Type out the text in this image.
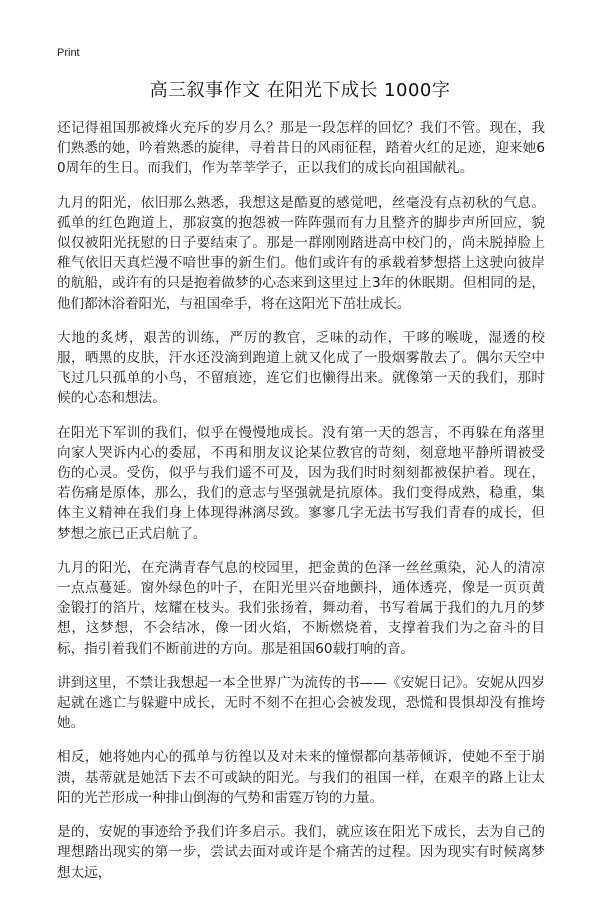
Print
高三叙事作文 在阳光下成长 1000字

还记得祖国那被烽火充斥的岁月么？那是一段怎样的回忆？我们不管。现在，我们熟悉的她，吟着熟悉的旋律，寻着昔日的风雨征程，踏着火红的足迹，迎来她60周年的生日。而我们，作为莘莘学子，正以我们的成长向祖国献礼。

九月的阳光，依旧那么熟悉，我想这是酷夏的感觉吧，丝毫没有点初秋的气息。孤单的红色跑道上，那寂寞的抱怨被一阵阵强而有力且整齐的脚步声所回应，貌似仅被阳光抚慰的日子要结束了。那是一群刚刚踏进高中校门的，尚未脱掉脸上稚气依旧天真烂漫不喑世事的新生们。他们或许有的承载着梦想搭上这驶向彼岸的航船，或许有的只是抱着做梦的心态来到这里过上3年的休眠期。但相同的是，他们都沐浴着阳光，与祖国牵手，将在这阳光下茁壮成长。

大地的炙烤，艰苦的训练，严厉的教官，乏味的动作，干哆的喉咙，湿透的校服，晒黑的皮肤，汗水还没滴到跑道上就又化成了一股烟雾散去了。偶尔天空中飞过几只孤单的小鸟，不留痕迹，连它们也懒得出来。就像第一天的我们，那时候的心态和想法。

在阳光下军训的我们，似乎在慢慢地成长。没有第一天的怨言，不再躲在角落里向家人哭诉内心的委屈，不再和朋友议论某位教官的苛刻，刻意地平静所谓被受伤的心灵。受伤，似乎与我们遥不可及，因为我们时时刻刻都被保护着。现在，若伤痛是原体，那么，我们的意志与坚强就是抗原体。我们变得成熟，稳重，集体主义精神在我们身上体现得淋漓尽致。寥寥几字无法书写我们青春的成长，但梦想之旅已正式启航了。

九月的阳光，在充满青春气息的校园里，把金黄的色泽一丝丝熏染，沁人的清凉一点点蔓延。窗外绿色的叶子，在阳光里兴奋地颤抖，通体透亮，像是一页页黄金锻打的箔片，炫耀在枝头。我们张扬着，舞动着，书写着属于我们的九月的梦想，这梦想，不会结冰，像一团火焰，不断燃烧着，支撑着我们为之奋斗的目标，指引着我们不断前进的方向。那是祖国60载打响的音。

讲到这里，不禁让我想起一本全世界广为流传的书——《安妮日记》。安妮从四岁起就在逃亡与躲避中成长，无时不刻不在担心会被发现，恐慌和畏惧却没有推垮她。

相反，她将她内心的孤单与彷徨以及对未来的憧憬都向基蒂倾诉，使她不至于崩溃，基蒂就是她活下去不可或缺的阳光。与我们的祖国一样，在艰辛的路上让太阳的光芒形成一种排山倒海的气势和雷霆万钧的力量。

是的，安妮的事迹给予我们许多启示。我们，就应该在阳光下成长，去为自己的理想踏出现实的第一步，尝试去面对或许是个痛苦的过程。因为现实有时候离梦想太远，
